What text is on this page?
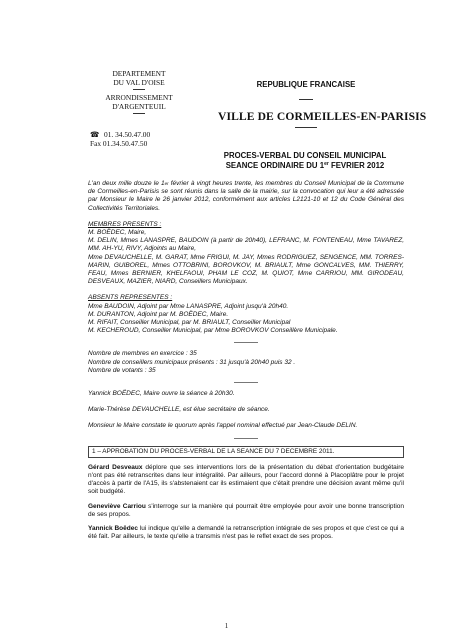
DEPARTEMENT
DU VAL D'OISE
ARRONDISSEMENT
D'ARGENTEUIL
☎ 01. 34.50.47.00
Fax 01.34.50.47.50
REPUBLIQUE FRANCAISE
VILLE DE CORMEILLES-EN-PARISIS
PROCES-VERBAL DU CONSEIL MUNICIPAL
SEANCE ORDINAIRE DU 1er FEVRIER 2012

L'an deux mille douze le 1er février à vingt heures trente, les membres du Conseil Municipal de la Commune de Cormeilles-en-Parisis se sont réunis dans la salle de la mairie, sur la convocation qui leur a été adressée par Monsieur le Maire le 26 janvier 2012, conformément aux articles L2121-10 et 12 du Code Général des Collectivités Territoriales.

MEMBRES PRESENTS :
M. BOËDEC, Maire,
M. DELIN, Mmes LANASPRE, BAUDOIN (à partir de 20h40), LEFRANC, M. FONTENEAU, Mme TAVAREZ, MM. AH-YU, RIVY, Adjoints au Maire,
Mme DEVAUCHELLE, M. GARAT, Mme FRIGUI, M. JAY, Mmes RODRIGUEZ, SENGENCE, MM. TORRES-MARIN, GUIBOREL, Mmes OTTOBRINI, BOROVKOV, M. BRIAULT, Mme GONCALVES, MM. THIERRY, FEAU, Mmes BERNIER, KHELFAOUI, PHAM LE COZ, M. QUIOT, Mme CARRIOU, MM. GIRODEAU, DESVEAUX, MAZIER, NIARD, Conseillers Municipaux.
ABSENTS REPRESENTES :
Mme BAUDOIN, Adjoint par Mme LANASPRE, Adjoint jusqu'à 20h40.
M. DURANTON, Adjoint par M. BOËDEC, Maire.
M. RIFAIT, Conseiller Municipal, par M. BRIAULT, Conseiller Municipal
M. KECHEROUD, Conseiller Municipal, par Mme BOROVKOV Conseillère Municipale.
Nombre de membres en exercice : 35
Nombre de conseillers municipaux présents : 31 jusqu'à 20h40 puis 32 .
Nombre de votants : 35
Yannick BOËDEC, Maire ouvre la séance à 20h30.
Marie-Thérèse DEVAUCHELLE, est élue secrétaire de séance.
Monsieur le Maire constate le quorum après l'appel nominal effectué par Jean-Claude DELIN.
1 – APPROBATION DU PROCES-VERBAL DE LA SEANCE DU 7 DECEMBRE 2011.

Gérard Desveaux déplore que ses interventions lors de la présentation du débat d'orientation budgétaire n'ont pas été retranscrites dans leur intégralité. Par ailleurs, pour l'accord donné à Placoplâtre pour le projet d'accès à partir de l'A15, ils s'abstenaient car ils estimaient que c'était prendre une décision avant même qu'il soit budgété.

Geneviève Carriou s'interroge sur la manière qui pourrait être employée pour avoir une bonne transcription de ses propos.

Yannick Boëdec lui indique qu'elle a demandé la retranscription intégrale de ses propos et que c'est ce qui a été fait. Par ailleurs, le texte qu'elle a transmis n'est pas le reflet exact de ses propos.

1
